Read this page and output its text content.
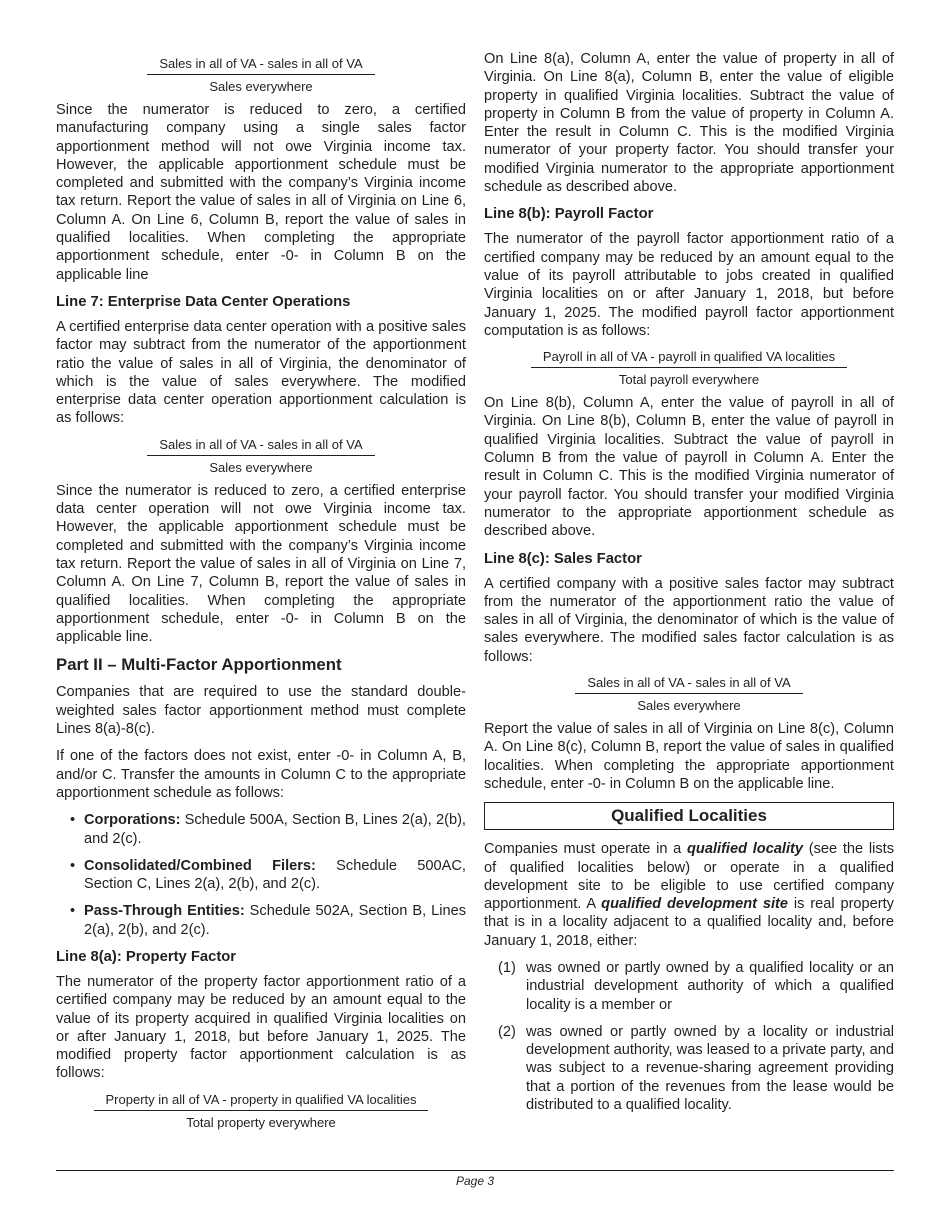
Sales in all of VA - sales in all of VA
Sales everywhere

Since the numerator is reduced to zero, a certified manufacturing company using a single sales factor apportionment method will not owe Virginia income tax. However, the applicable apportionment schedule must be completed and submitted with the company’s Virginia income tax return. Report the value of sales in all of Virginia on Line 6, Column A. On Line 6, Column B, report the value of sales in qualified localities. When completing the appropriate apportionment schedule, enter -0- in Column B on the applicable line

Line 7: Enterprise Data Center Operations

A certified enterprise data center operation with a positive sales factor may subtract from the numerator of the apportionment ratio the value of sales in all of Virginia, the denominator of which is the value of sales everywhere. The modified enterprise data center operation apportionment calculation is as follows:

Sales in all of VA - sales in all of VA
Sales everywhere

Since the numerator is reduced to zero, a certified enterprise data center operation will not owe Virginia income tax. However, the applicable apportionment schedule must be completed and submitted with the company’s Virginia income tax return. Report the value of sales in all of Virginia on Line 7, Column A. On Line 7, Column B, report the value of sales in qualified localities. When completing the appropriate apportionment schedule, enter -0- in Column B on the applicable line.

Part II – Multi-Factor Apportionment

Companies that are required to use the standard double-weighted sales factor apportionment method must complete Lines 8(a)-8(c).

If one of the factors does not exist, enter -0- in Column A, B, and/or C. Transfer the amounts in Column C to the appropriate apportionment schedule as follows:

• Corporations: Schedule 500A, Section B, Lines 2(a), 2(b), and 2(c).
• Consolidated/Combined Filers: Schedule 500AC, Section C, Lines 2(a), 2(b), and 2(c).
• Pass-Through Entities: Schedule 502A, Section B, Lines 2(a), 2(b), and 2(c).
Line 8(a): Property Factor

The numerator of the property factor apportionment ratio of a certified company may be reduced by an amount equal to the value of its property acquired in qualified Virginia localities on or after January 1, 2018, but before January 1, 2025. The modified property factor apportionment calculation is as follows:

Property in all of VA - property in qualified VA localities
Total property everywhere

On Line 8(a), Column A, enter the value of property in all of Virginia. On Line 8(a), Column B, enter the value of eligible property in qualified Virginia localities. Subtract the value of property in Column B from the value of property in Column A. Enter the result in Column C. This is the modified Virginia numerator of your property factor. You should transfer your modified Virginia numerator to the appropriate apportionment schedule as described above.

Line 8(b): Payroll Factor

The numerator of the payroll factor apportionment ratio of a certified company may be reduced by an amount equal to the value of its payroll attributable to jobs created in qualified Virginia localities on or after January 1, 2018, but before January 1, 2025. The modified payroll factor apportionment computation is as follows:

Payroll in all of VA - payroll in qualified VA localities
Total payroll everywhere

On Line 8(b), Column A, enter the value of payroll in all of Virginia. On Line 8(b), Column B, enter the value of payroll in qualified Virginia localities. Subtract the value of payroll in Column B from the value of payroll in Column A. Enter the result in Column C. This is the modified Virginia numerator of your payroll factor. You should transfer your modified Virginia numerator to the appropriate apportionment schedule as described above.

Line 8(c): Sales Factor

A certified company with a positive sales factor may subtract from the numerator of the apportionment ratio the value of sales in all of Virginia, the denominator of which is the value of sales everywhere. The modified sales factor calculation is as follows:

Sales in all of VA - sales in all of VA
Sales everywhere

Report the value of sales in all of Virginia on Line 8(c), Column A. On Line 8(c), Column B, report the value of sales in qualified localities. When completing the appropriate apportionment schedule, enter -0- in Column B on the applicable line.

Qualified Localities

Companies must operate in a qualified locality (see the lists of qualified localities below) or operate in a qualified development site to be eligible to use certified company apportionment. A qualified development site is real property that is in a locality adjacent to a qualified locality and, before January 1, 2018, either:

(1) was owned or partly owned by a qualified locality or an industrial development authority of which a qualified locality is a member or
(2) was owned or partly owned by a locality or industrial development authority, was leased to a private party, and was subject to a revenue-sharing agreement providing that a portion of the revenues from the lease would be distributed to a qualified locality.
Page 3
